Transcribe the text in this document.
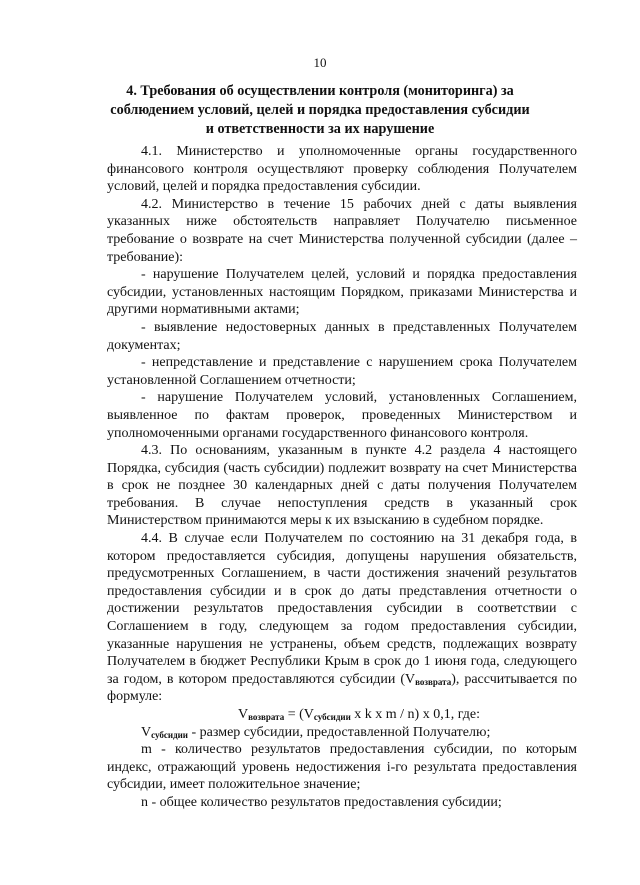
10
4. Требования об осуществлении контроля (мониторинга) за
соблюдением условий, целей и порядка предоставления субсидии
и ответственности за их нарушение

4.1. Министерство и уполномоченные органы государственного финансового контроля осуществляют проверку соблюдения Получателем условий, целей и порядка предоставления субсидии.

4.2. Министерство в течение 15 рабочих дней с даты выявления указанных ниже обстоятельств направляет Получателю письменное требование о возврате на счет Министерства полученной субсидии (далее – требование):

- нарушение Получателем целей, условий и порядка предоставления субсидии, установленных настоящим Порядком, приказами Министерства и другими нормативными актами;

- выявление недостоверных данных в представленных Получателем документах;

- непредставление и представление с нарушением срока Получателем установленной Соглашением отчетности;

- нарушение Получателем условий, установленных Соглашением, выявленное по фактам проверок, проведенных Министерством и уполномоченными органами государственного финансового контроля.

4.3. По основаниям, указанным в пункте 4.2 раздела 4 настоящего Порядка, субсидия (часть субсидии) подлежит возврату на счет Министерства в срок не позднее 30 календарных дней с даты получения Получателем требования. В случае непоступления средств в указанный срок Министерством принимаются меры к их взысканию в судебном порядке.

4.4. В случае если Получателем по состоянию на 31 декабря года, в котором предоставляется субсидия, допущены нарушения обязательств, предусмотренных Соглашением, в части достижения значений результатов предоставления субсидии и в срок до даты представления отчетности о достижении результатов предоставления субсидии в соответствии с Соглашением в году, следующем за годом предоставления субсидии, указанные нарушения не устранены, объем средств, подлежащих возврату Получателем в бюджет Республики Крым в срок до 1 июня года, следующего за годом, в котором предоставляются субсидии $(V_{возврата})$, рассчитывается по формуле:

$V_{возврата} = (V_{субсидии}$ x k x m / n) x 0,1, где:

$V_{субсидии}$ - размер субсидии, предоставленной Получателю;

m - количество результатов предоставления субсидии, по которым индекс, отражающий уровень недостижения i-го результата предоставления субсидии, имеет положительное значение;

n - общее количество результатов предоставления субсидии;
